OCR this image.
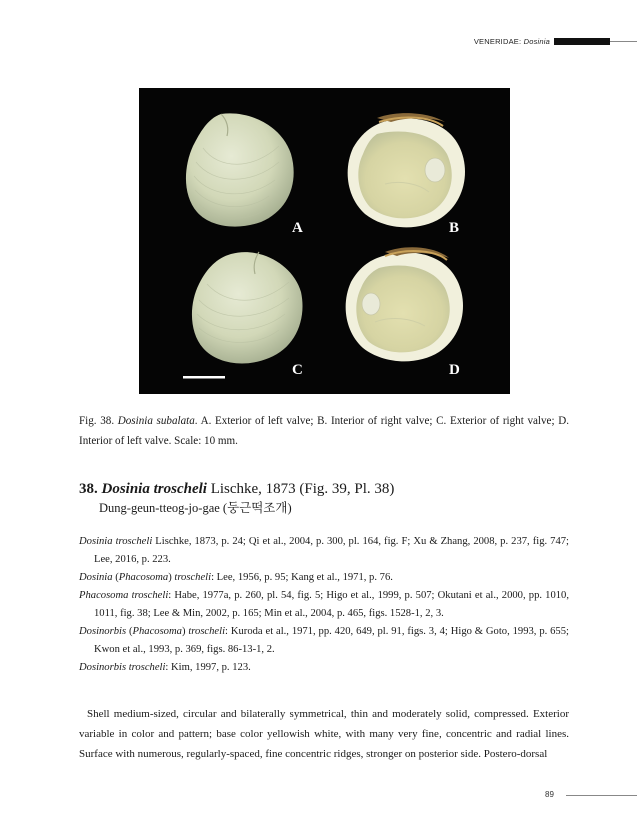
VENERIDAE: Dosinia
A	B
C	D
Fig. 38. Dosinia subalata. A. Exterior of left valve; B. Interior of right valve; C. Exterior of right valve; D. Interior of left valve. Scale: 10 mm.
38. Dosinia troscheli Lischke, 1873 (Fig. 39, Pl. 38)
Dung-geun-tteog-jo-gae (둥근떡조개)
Dosinia troscheli Lischke, 1873, p. 24; Qi et al., 2004, p. 300, pl. 164, fig. F; Xu & Zhang, 2008, p. 237, fig. 747; Lee, 2016, p. 223.
Dosinia (Phacosoma) troscheli: Lee, 1956, p. 95; Kang et al., 1971, p. 76.
Phacosoma troscheli: Habe, 1977a, p. 260, pl. 54, fig. 5; Higo et al., 1999, p. 507; Okutani et al., 2000, pp. 1010, 1011, fig. 38; Lee & Min, 2002, p. 165; Min et al., 2004, p. 465, figs. 1528-1, 2, 3.
Dosinorbis (Phacosoma) troscheli: Kuroda et al., 1971, pp. 420, 649, pl. 91, figs. 3, 4; Higo & Goto, 1993, p. 655; Kwon et al., 1993, p. 369, figs. 86-13-1, 2.
Dosinorbis troscheli: Kim, 1997, p. 123.
Shell medium-sized, circular and bilaterally symmetrical, thin and moderately solid, compressed. Exterior variable in color and pattern; base color yellowish white, with many very fine, concentric and radial lines. Surface with numerous, regularly-spaced, fine concentric ridges, stronger on posterior side. Postero-dorsal
89
